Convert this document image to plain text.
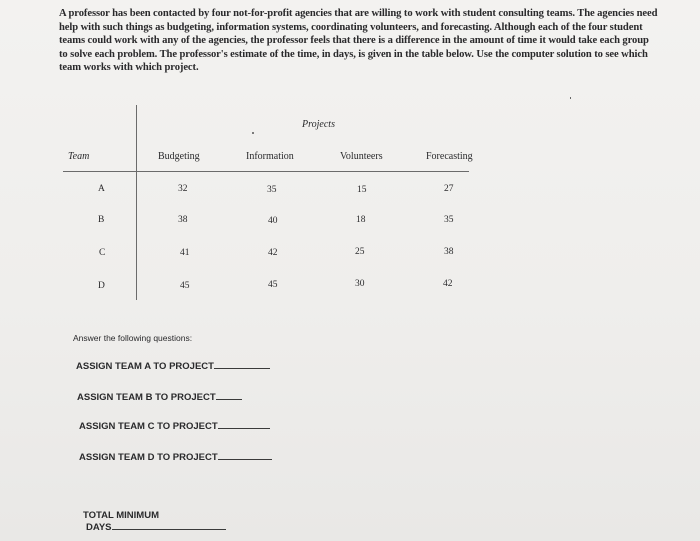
A professor has been contacted by four not-for-profit agencies that are willing to work with student consulting teams. The agencies need
help with such things as budgeting, information systems, coordinating volunteers, and forecasting. Although each of the four student
teams could work with any of the agencies, the professor feels that there is a difference in the amount of time it would take each group
to solve each problem. The professor's estimate of the time, in days, is given in the table below. Use the computer solution to see which
team works with which project.
Projects
Team	Budgeting	Information	Volunteers	Forecasting
A	32	35	15	27
B	38	40	18	35
C	41	42	25	38
D	45	45	30	42
Answer the following questions:
ASSIGN TEAM A TO PROJECT
ASSIGN TEAM B TO PROJECT
ASSIGN TEAM C TO PROJECT
ASSIGN TEAM D TO PROJECT
TOTAL MINIMUM
DAYS
